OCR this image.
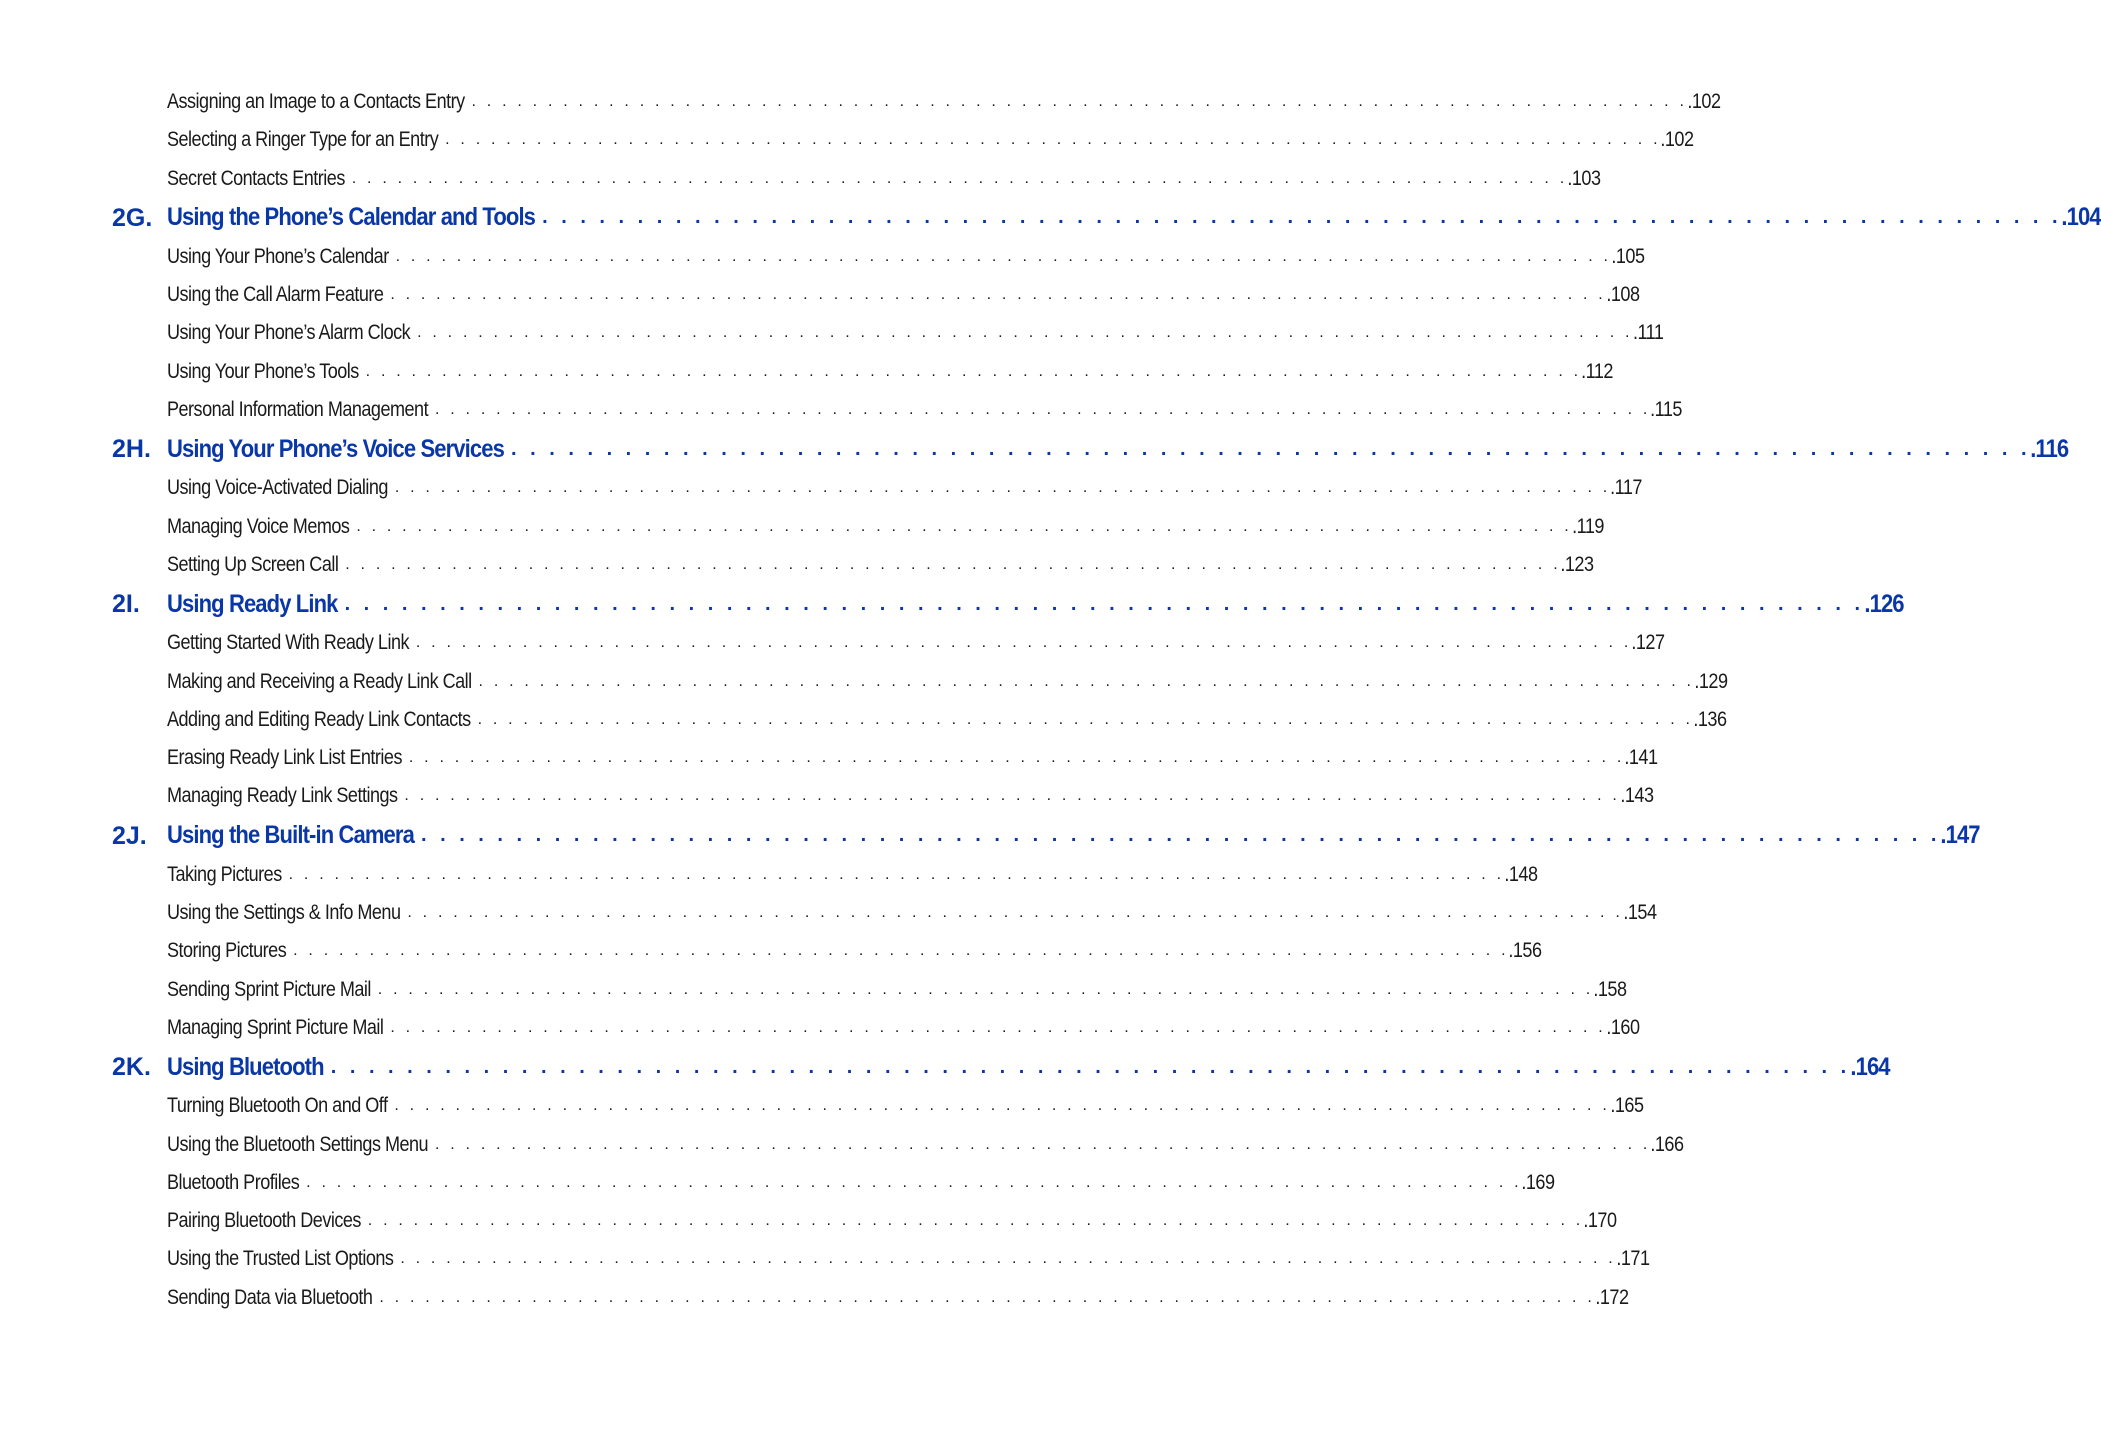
Assigning an Image to a Contacts Entry . . . . . . . . . . . . . . . . . . . . . . . . . . . . . . . . . . . . . . . . . . . . . . . . . . . . . . . . . . . . . . . . . . . . . . . . . . . . . . . . .102
Selecting a Ringer Type for an Entry . . . . . . . . . . . . . . . . . . . . . . . . . . . . . . . . . . . . . . . . . . . . . . . . . . . . . . . . . . . . . . . . . . . . . . . . . . . . . . . . .102
Secret Contacts Entries . . . . . . . . . . . . . . . . . . . . . . . . . . . . . . . . . . . . . . . . . . . . . . . . . . . . . . . . . . . . . . . . . . . . . . . . . . . . . . . . .103
2G. Using the Phone’s Calendar and Tools . . . . . . . . . . . . . . . . . . . . . . . . . . . . . . . . . . . . . . . . . . . . . . . . . . . . . . . . . . . . . . . . . . . . . . . . . . . . . . . . .104
Using Your Phone’s Calendar . . . . . . . . . . . . . . . . . . . . . . . . . . . . . . . . . . . . . . . . . . . . . . . . . . . . . . . . . . . . . . . . . . . . . . . . . . . . . . . . .105
Using the Call Alarm Feature . . . . . . . . . . . . . . . . . . . . . . . . . . . . . . . . . . . . . . . . . . . . . . . . . . . . . . . . . . . . . . . . . . . . . . . . . . . . . . . . .108
Using Your Phone’s Alarm Clock . . . . . . . . . . . . . . . . . . . . . . . . . . . . . . . . . . . . . . . . . . . . . . . . . . . . . . . . . . . . . . . . . . . . . . . . . . . . . . . . .111
Using Your Phone’s Tools . . . . . . . . . . . . . . . . . . . . . . . . . . . . . . . . . . . . . . . . . . . . . . . . . . . . . . . . . . . . . . . . . . . . . . . . . . . . . . . . .112
Personal Information Management . . . . . . . . . . . . . . . . . . . . . . . . . . . . . . . . . . . . . . . . . . . . . . . . . . . . . . . . . . . . . . . . . . . . . . . . . . . . . . . . .115
2H. Using Your Phone’s Voice Services . . . . . . . . . . . . . . . . . . . . . . . . . . . . . . . . . . . . . . . . . . . . . . . . . . . . . . . . . . . . . . . . . . . . . . . . . . . . . . . . .116
Using Voice-Activated Dialing . . . . . . . . . . . . . . . . . . . . . . . . . . . . . . . . . . . . . . . . . . . . . . . . . . . . . . . . . . . . . . . . . . . . . . . . . . . . . . . . .117
Managing Voice Memos . . . . . . . . . . . . . . . . . . . . . . . . . . . . . . . . . . . . . . . . . . . . . . . . . . . . . . . . . . . . . . . . . . . . . . . . . . . . . . . . .119
Setting Up Screen Call . . . . . . . . . . . . . . . . . . . . . . . . . . . . . . . . . . . . . . . . . . . . . . . . . . . . . . . . . . . . . . . . . . . . . . . . . . . . . . . . .123
2I. Using Ready Link . . . . . . . . . . . . . . . . . . . . . . . . . . . . . . . . . . . . . . . . . . . . . . . . . . . . . . . . . . . . . . . . . . . . . . . . . . . . . . . . .126
Getting Started With Ready Link . . . . . . . . . . . . . . . . . . . . . . . . . . . . . . . . . . . . . . . . . . . . . . . . . . . . . . . . . . . . . . . . . . . . . . . . . . . . . . . . .127
Making and Receiving a Ready Link Call . . . . . . . . . . . . . . . . . . . . . . . . . . . . . . . . . . . . . . . . . . . . . . . . . . . . . . . . . . . . . . . . . . . . . . . . . . . . . . . . .129
Adding and Editing Ready Link Contacts . . . . . . . . . . . . . . . . . . . . . . . . . . . . . . . . . . . . . . . . . . . . . . . . . . . . . . . . . . . . . . . . . . . . . . . . . . . . . . . . .136
Erasing Ready Link List Entries . . . . . . . . . . . . . . . . . . . . . . . . . . . . . . . . . . . . . . . . . . . . . . . . . . . . . . . . . . . . . . . . . . . . . . . . . . . . . . . . .141
Managing Ready Link Settings . . . . . . . . . . . . . . . . . . . . . . . . . . . . . . . . . . . . . . . . . . . . . . . . . . . . . . . . . . . . . . . . . . . . . . . . . . . . . . . . .143
2J. Using the Built-in Camera . . . . . . . . . . . . . . . . . . . . . . . . . . . . . . . . . . . . . . . . . . . . . . . . . . . . . . . . . . . . . . . . . . . . . . . . . . . . . . . . .147
Taking Pictures . . . . . . . . . . . . . . . . . . . . . . . . . . . . . . . . . . . . . . . . . . . . . . . . . . . . . . . . . . . . . . . . . . . . . . . . . . . . . . . . .148
Using the Settings & Info Menu . . . . . . . . . . . . . . . . . . . . . . . . . . . . . . . . . . . . . . . . . . . . . . . . . . . . . . . . . . . . . . . . . . . . . . . . . . . . . . . . .154
Storing Pictures . . . . . . . . . . . . . . . . . . . . . . . . . . . . . . . . . . . . . . . . . . . . . . . . . . . . . . . . . . . . . . . . . . . . . . . . . . . . . . . . .156
Sending Sprint Picture Mail . . . . . . . . . . . . . . . . . . . . . . . . . . . . . . . . . . . . . . . . . . . . . . . . . . . . . . . . . . . . . . . . . . . . . . . . . . . . . . . . .158
Managing Sprint Picture Mail . . . . . . . . . . . . . . . . . . . . . . . . . . . . . . . . . . . . . . . . . . . . . . . . . . . . . . . . . . . . . . . . . . . . . . . . . . . . . . . . .160
2K. Using Bluetooth . . . . . . . . . . . . . . . . . . . . . . . . . . . . . . . . . . . . . . . . . . . . . . . . . . . . . . . . . . . . . . . . . . . . . . . . . . . . . . . . .164
Turning Bluetooth On and Off . . . . . . . . . . . . . . . . . . . . . . . . . . . . . . . . . . . . . . . . . . . . . . . . . . . . . . . . . . . . . . . . . . . . . . . . . . . . . . . . .165
Using the Bluetooth Settings Menu . . . . . . . . . . . . . . . . . . . . . . . . . . . . . . . . . . . . . . . . . . . . . . . . . . . . . . . . . . . . . . . . . . . . . . . . . . . . . . . . .166
Bluetooth Profiles . . . . . . . . . . . . . . . . . . . . . . . . . . . . . . . . . . . . . . . . . . . . . . . . . . . . . . . . . . . . . . . . . . . . . . . . . . . . . . . . .169
Pairing Bluetooth Devices . . . . . . . . . . . . . . . . . . . . . . . . . . . . . . . . . . . . . . . . . . . . . . . . . . . . . . . . . . . . . . . . . . . . . . . . . . . . . . . . .170
Using the Trusted List Options . . . . . . . . . . . . . . . . . . . . . . . . . . . . . . . . . . . . . . . . . . . . . . . . . . . . . . . . . . . . . . . . . . . . . . . . . . . . . . . . .171
Sending Data via Bluetooth . . . . . . . . . . . . . . . . . . . . . . . . . . . . . . . . . . . . . . . . . . . . . . . . . . . . . . . . . . . . . . . . . . . . . . . . . . . . . . . . .172
